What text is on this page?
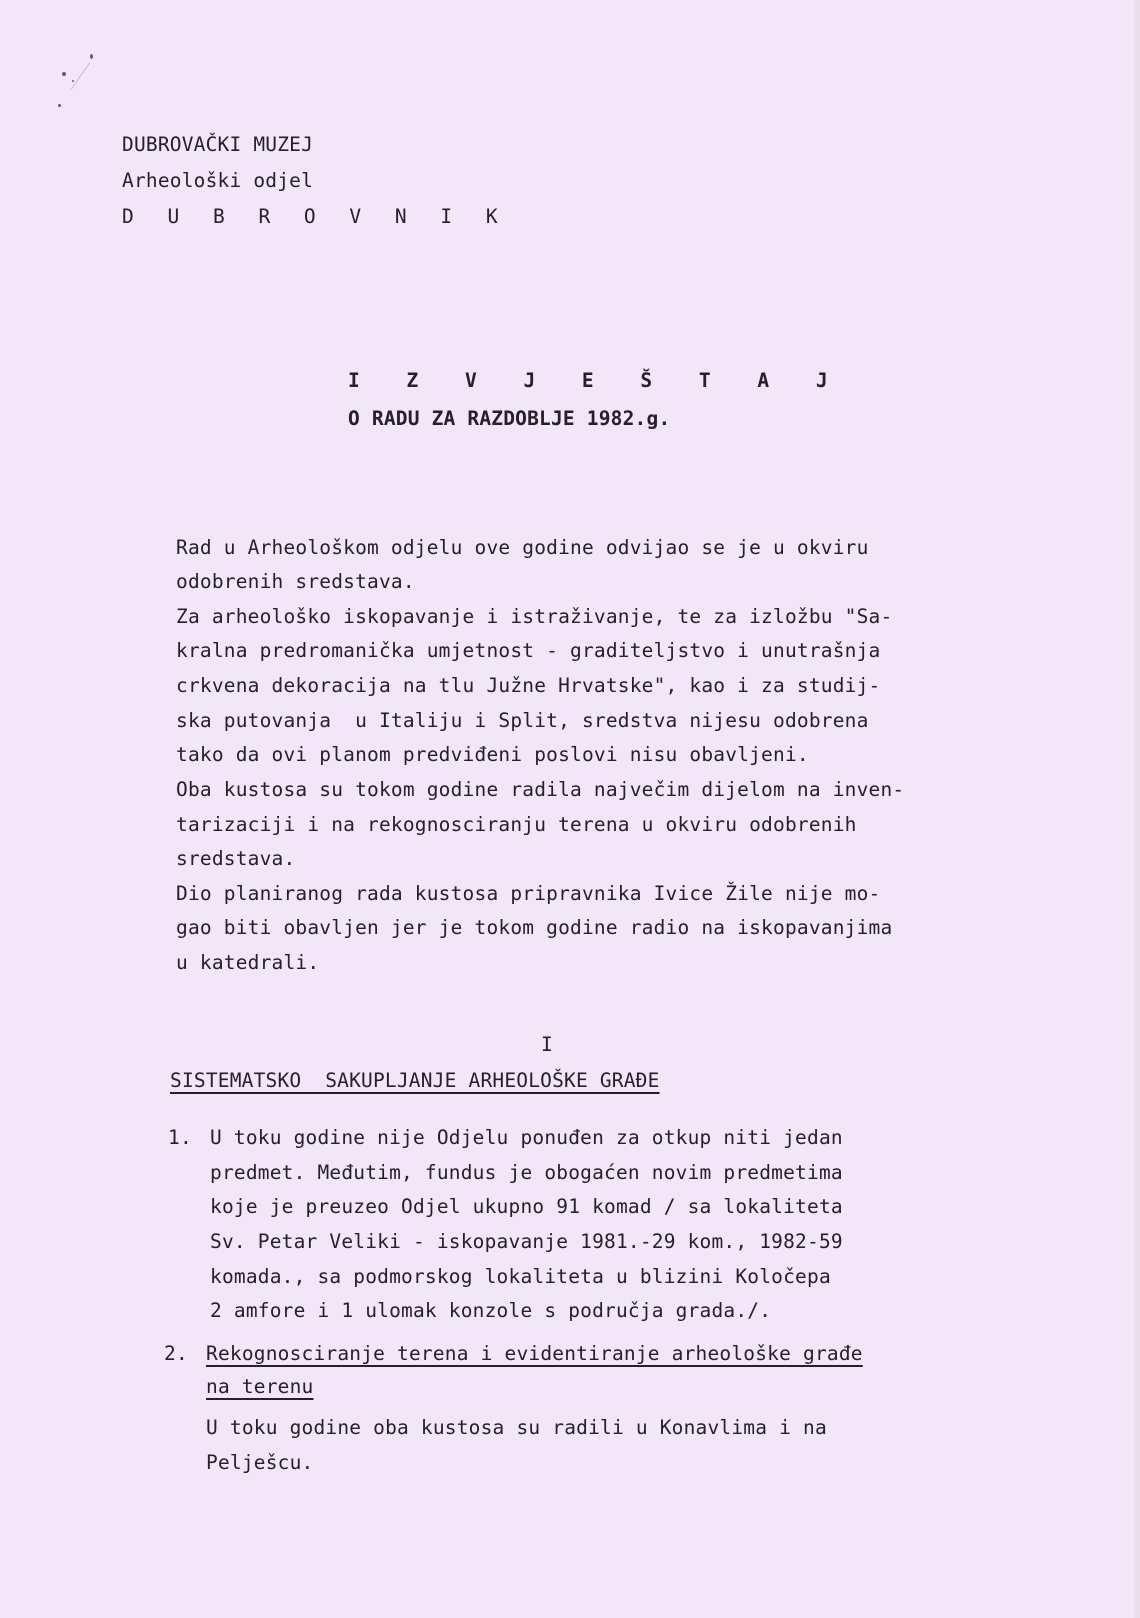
DUBROVAČKI MUZEJ
Arheološki odjel
D U B R O V N I K
I Z V J E Š T A J
O RADU ZA RAZDOBLJE 1982.g.
Rad u Arheološkom odjelu ove godine odvijao se je u okviru
odobrenih sredstava.
Za arheološko iskopavanje i istraživanje, te za izložbu "Sa-
kralna predromanička umjetnost - graditeljstvo i unutrašnja
crkvena dekoracija na tlu Južne Hrvatske", kao i za studij-
ska putovanja  u Italiju i Split, sredstva nijesu odobrena
tako da ovi planom predviđeni poslovi nisu obavljeni.
Oba kustosa su tokom godine radila največim dijelom na inven-
tarizaciji i na rekognosciranju terena u okviru odobrenih
sredstava.
Dio planiranog rada kustosa pripravnika Ivice Žile nije mo-
gao biti obavljen jer je tokom godine radio na iskopavanjima
u katedrali.
I
SISTEMATSKO  SAKUPLJANJE ARHEOLOŠKE GRAĐE
1. U toku godine nije Odjelu ponuđen za otkup niti jedan
predmet. Međutim, fundus je obogaćen novim predmetima
koje je preuzeo Odjel ukupno 91 komad / sa lokaliteta
Sv. Petar Veliki - iskopavanje 1981.-29 kom., 1982-59
komada., sa podmorskog lokaliteta u blizini Koločepa
2 amfore i 1 ulomak konzole s područja grada./.
2. Rekognosciranje terena i evidentiranje arheološke građe
na terenu
U toku godine oba kustosa su radili u Konavlima i na
Pelješcu.
